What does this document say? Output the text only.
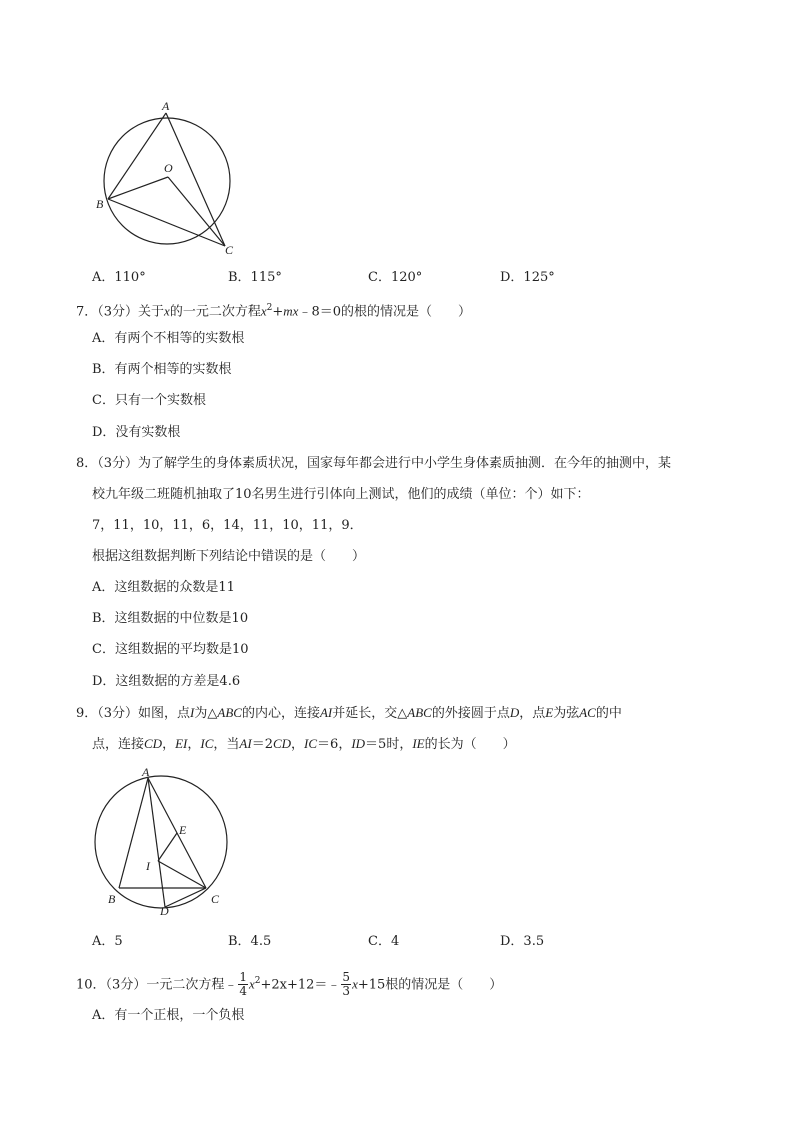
A
O
B
C
A．110°	B．115°	C．120°	D．125°
7．（3分）关于x的一元二次方程$x^2+mx﹣8=0$的根的情况是（　　）
A．有两个不相等的实数根
B．有两个相等的实数根
C．只有一个实数根
D．没有实数根
8．（3分）为了解学生的身体素质状况，国家每年都会进行中小学生身体素质抽测．在今年的抽测中，某
校九年级二班随机抽取了10名男生进行引体向上测试，他们的成绩（单位：个）如下：
7，11，10，11，6，14，11，10，11，9．
根据这组数据判断下列结论中错误的是（　　）
A．这组数据的众数是11
B．这组数据的中位数是10
C．这组数据的平均数是10
D．这组数据的方差是4.6
9．（3分）如图，点I为△ABC的内心，连接AI并延长，交△ABC的外接圆于点D，点E为弦AC的中
点，连接CD，EI，IC，当AI＝2CD，IC＝6，ID＝5时，IE的长为（　　）
A
E
I
B	C
D
A．5	B．4.5	C．4	D．3.5
10．（3分）一元二次方程﹣ $\frac{1}{4}$ $x^2+2x+12=﹣ \frac{5}{3} x+15$根的情况是（　　）
A．有一个正根，一个负根
